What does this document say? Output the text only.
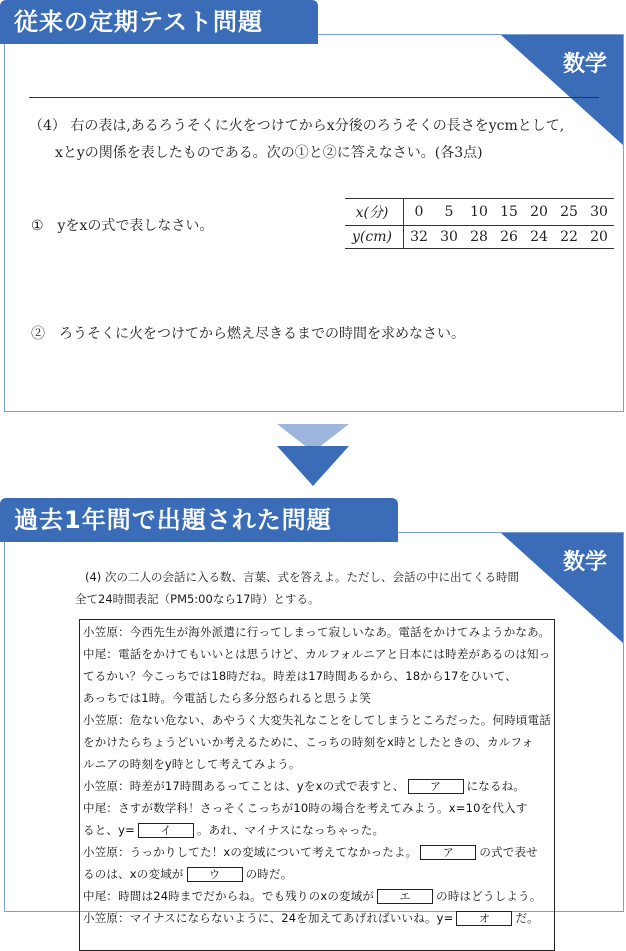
従来の定期テスト問題
数学
（4） 右の表は,あるろうそくに火をつけてからx分後のろうそくの長さをycmとして,
xとyの関係を表したものである。次の①と②に答えなさい。(各3点)
①　yをxの式で表しなさい。
x(分)	0	5	10	15	20	25	30
y(cm)	32	30	28	26	24	22	20
②　ろうそくに火をつけてから燃え尽きるまでの時間を求めなさい。
過去1年間で出題された問題
数学
(4) 次の二人の会話に入る数、言葉、式を答えよ。ただし、会話の中に出てくる時間
全て24時間表記（PM5:00なら17時）とする。
小笠原：今西先生が海外派遣に行ってしまって寂しいなあ。電話をかけてみようかなあ。
中尾：電話をかけてもいいとは思うけど、カルフォルニアと日本には時差があるのは知っ
てるかい？今こっちでは18時だね。時差は17時間あるから、18から17をひいて、
あっちでは1時。今電話したら多分怒られると思うよ笑
小笠原：危ない危ない、あやうく大変失礼なことをしてしまうところだった。何時頃電話
をかけたらちょうどいいか考えるために、こっちの時刻をx時としたときの、カルフォ
ルニアの時刻をy時として考えてみよう。
小笠原：時差が17時間あるってことは、yをxの式で表すと、 ア になるね。
中尾：さすが数学科！さっそくこっちが10時の場合を考えてみよう。x=10を代入す
ると、y= イ 。あれ、マイナスになっちゃった。
小笠原：うっかりしてた！xの変域について考えてなかったよ。 ア の式で表せ
るのは、xの変域が ウ の時だ。
中尾：時間は24時までだからね。でも残りのxの変域が エ の時はどうしよう。
小笠原：マイナスにならないように、24を加えてあげればいいね。y= オ だ。
